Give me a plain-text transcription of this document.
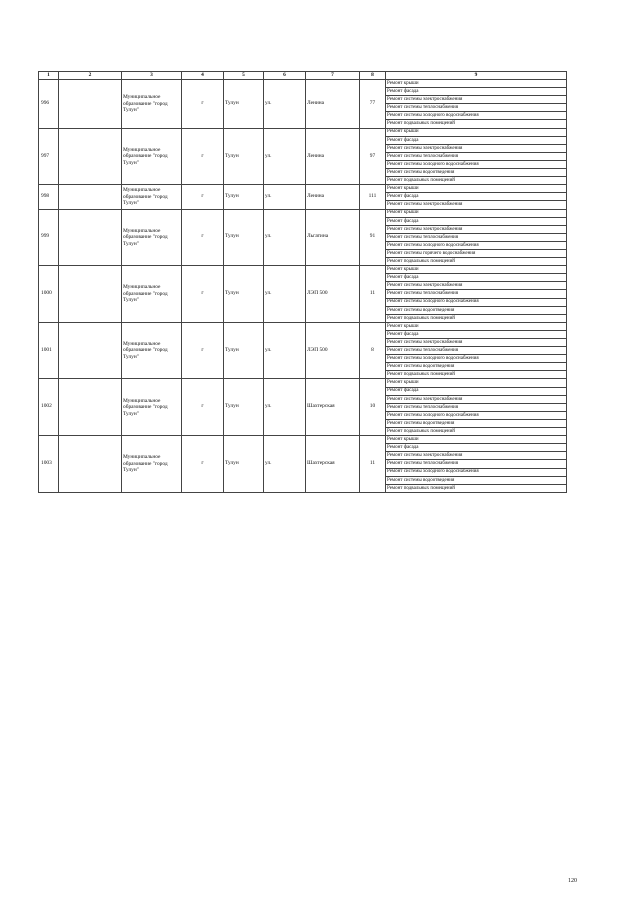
1	2	3	4	5	6	7	8	9
996		Муниципальное образование "город Тулун"	г	Тулун	ул.	Ленина	77	Ремонт крыши
								Ремонт фасада
								Ремонт системы электроснабжения
								Ремонт системы теплоснабжения
								Ремонт системы холодного водоснабжения
								Ремонт подвальных помещений
997		Муниципальное образование "город Тулун"	г	Тулун	ул.	Ленина	97	Ремонт крыши
								Ремонт фасада
								Ремонт системы электроснабжения
								Ремонт системы теплоснабжения
								Ремонт системы холодного водоснабжения
								Ремонт системы водоотведения
								Ремонт подвальных помещений
998		Муниципальное образование "город Тулун"	г	Тулун	ул.	Ленина	111	Ремонт крыши
								Ремонт фасада
								Ремонт системы электроснабжения
999		Муниципальное образование "город Тулун"	г	Тулун	ул.	Льгатина	91	Ремонт крыши
								Ремонт фасада
								Ремонт системы электроснабжения
								Ремонт системы теплоснабжения
								Ремонт системы холодного водоснабжения
								Ремонт системы горячего водоснабжения
								Ремонт подвальных помещений
1000		Муниципальное образование "город Тулун"	г	Тулун	ул.	ЛЭП 500	11	Ремонт крыши
								Ремонт фасада
								Ремонт системы электроснабжения
								Ремонт системы теплоснабжения
								Ремонт системы холодного водоснабжения
								Ремонт системы водоотведения
								Ремонт подвальных помещений
1001		Муниципальное образование "город Тулун"	г	Тулун	ул.	ЛЭП 500	8	Ремонт крыши
								Ремонт фасада
								Ремонт системы электроснабжения
								Ремонт системы теплоснабжения
								Ремонт системы холодного водоснабжения
								Ремонт системы водоотведения
								Ремонт подвальных помещений
1002		Муниципальное образование "город Тулун"	г	Тулун	ул.	Шахтерская	10	Ремонт крыши
								Ремонт фасада
								Ремонт системы электроснабжения
								Ремонт системы теплоснабжения
								Ремонт системы холодного водоснабжения
								Ремонт системы водоотведения
								Ремонт подвальных помещений
1003		Муниципальное образование "город Тулун"	г	Тулун	ул.	Шахтерская	11	Ремонт крыши
								Ремонт фасада
								Ремонт системы электроснабжения
								Ремонт системы теплоснабжения
								Ремонт системы холодного водоснабжения
								Ремонт системы водоотведения
								Ремонт подвальных помещений
120
